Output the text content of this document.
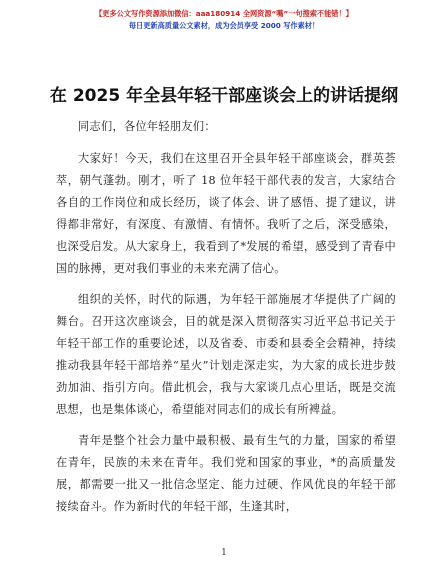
【更多公文写作资源添加微信：aaa180914 全网资源“嘴”一句搜索不能错！】
每日更新高质量公文素材，成为会员享受 2000 写作素材！
在 2025 年全县年轻干部座谈会上的讲话提纲

同志们，各位年轻朋友们：

大家好！今天，我们在这里召开全县年轻干部座谈会，群英荟萃，朝气蓬勃。刚才，听了 18 位年轻干部代表的发言，大家结合各自的工作岗位和成长经历，谈了体会、讲了感悟、提了建议，讲得都非常好，有深度、有激情、有情怀。我听了之后，深受感染，也深受启发。从大家身上，我看到了*发展的希望，感受到了青春中国的脉搏，更对我们事业的未来充满了信心。

组织的关怀，时代的际遇，为年轻干部施展才华提供了广阔的舞台。召开这次座谈会，目的就是深入贯彻落实习近平总书记关于年轻干部工作的重要论述，以及省委、市委和县委全会精神，持续推动我县年轻干部培养“星火”计划走深走实，为大家的成长进步鼓劲加油、指引方向。借此机会，我与大家谈几点心里话，既是交流思想，也是集体谈心，希望能对同志们的成长有所裨益。

青年是整个社会力量中最积极、最有生气的力量，国家的希望在青年，民族的未来在青年。我们党和国家的事业，*的高质量发展，都需要一批又一批信念坚定、能力过硬、作风优良的年轻干部接续奋斗。作为新时代的年轻干部，生逢其时，

1
